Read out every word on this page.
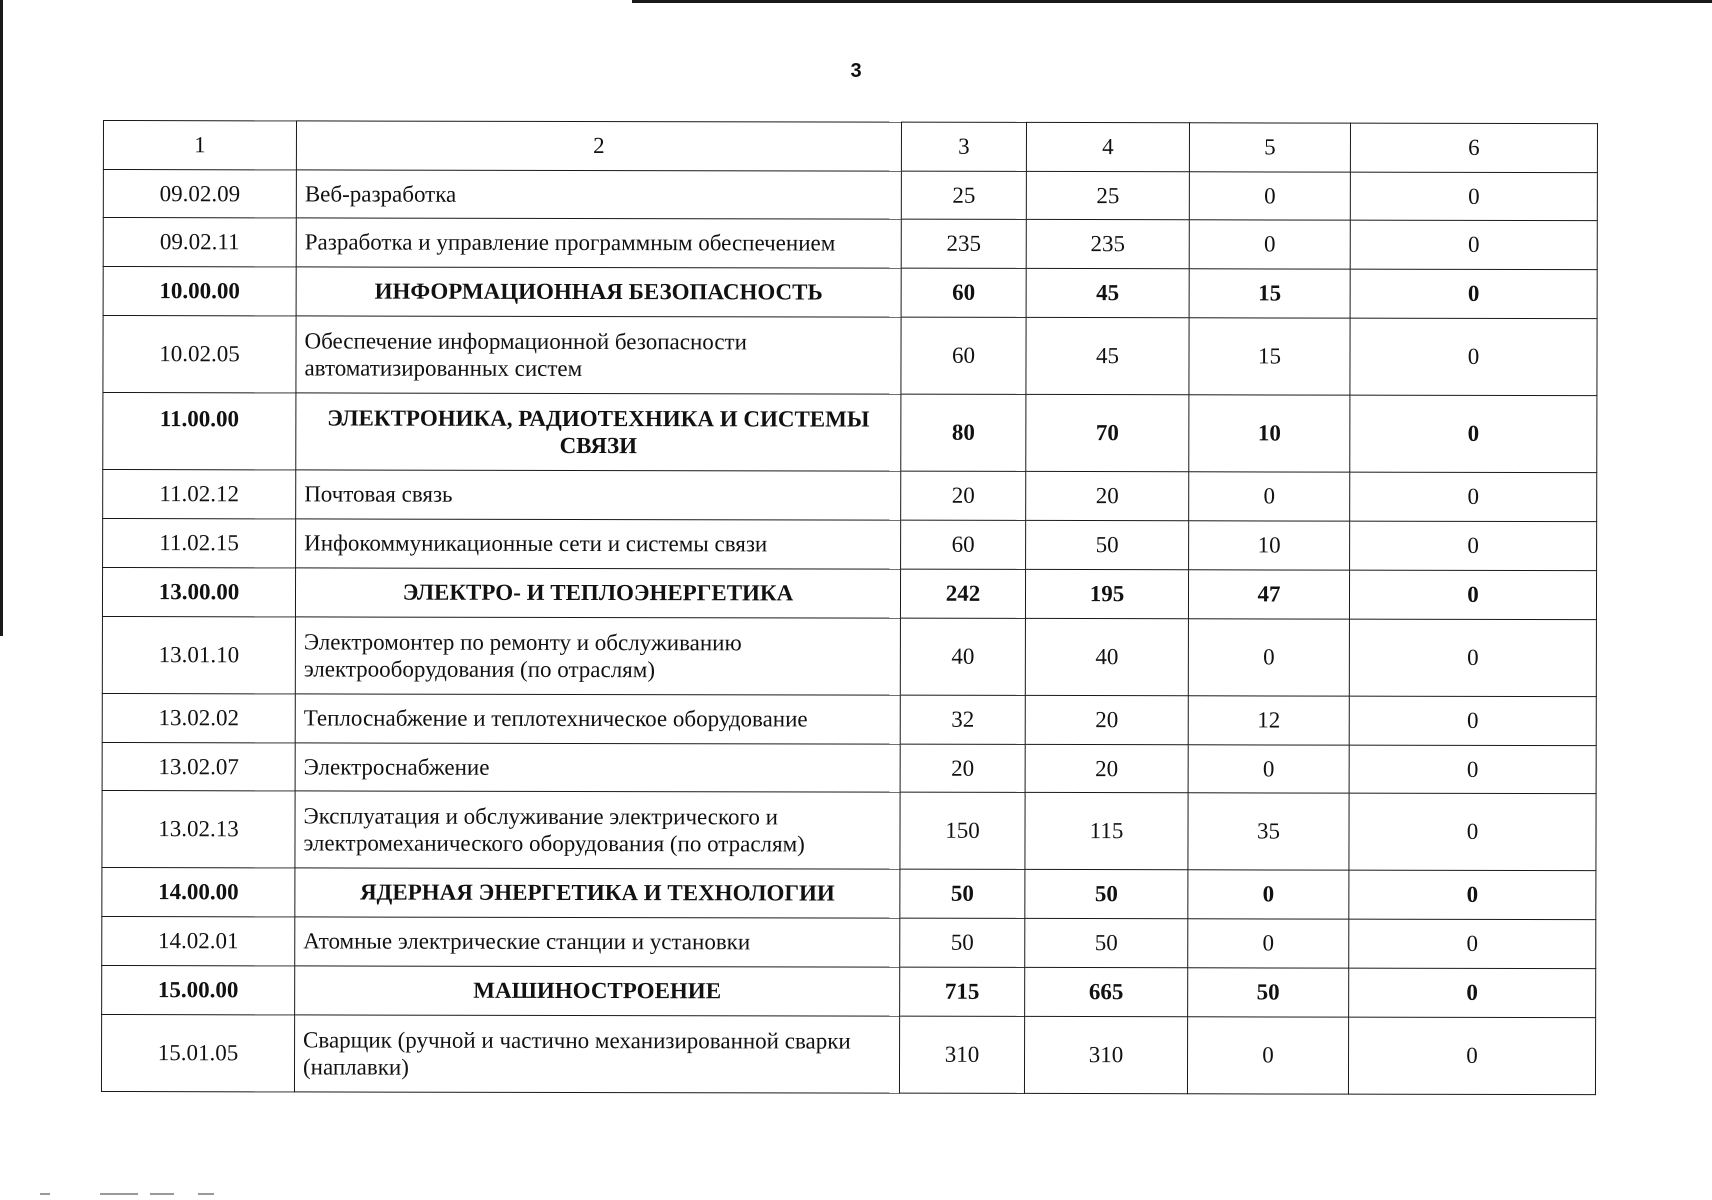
3
1	2	3	4	5	6
09.02.09	Веб-разработка	25	25	0	0
09.02.11	Разработка и управление программным обеспечением	235	235	0	0
10.00.00	ИНФОРМАЦИОННАЯ БЕЗОПАСНОСТЬ	60	45	15	0
10.02.05	Обеспечение информационной безопасности автоматизированных систем	60	45	15	0
11.00.00	ЭЛЕКТРОНИКА, РАДИОТЕХНИКА И СИСТЕМЫ СВЯЗИ	80	70	10	0
11.02.12	Почтовая связь	20	20	0	0
11.02.15	Инфокоммуникационные сети и системы связи	60	50	10	0
13.00.00	ЭЛЕКТРО- И ТЕПЛОЭНЕРГЕТИКА	242	195	47	0
13.01.10	Электромонтер по ремонту и обслуживанию электрооборудования (по отраслям)	40	40	0	0
13.02.02	Теплоснабжение и теплотехническое оборудование	32	20	12	0
13.02.07	Электроснабжение	20	20	0	0
13.02.13	Эксплуатация и обслуживание электрического и электромеханического оборудования (по отраслям)	150	115	35	0
14.00.00	ЯДЕРНАЯ ЭНЕРГЕТИКА И ТЕХНОЛОГИИ	50	50	0	0
14.02.01	Атомные электрические станции и установки	50	50	0	0
15.00.00	МАШИНОСТРОЕНИЕ	715	665	50	0
15.01.05	Сварщик (ручной и частично механизированной сварки (наплавки)	310	310	0	0
